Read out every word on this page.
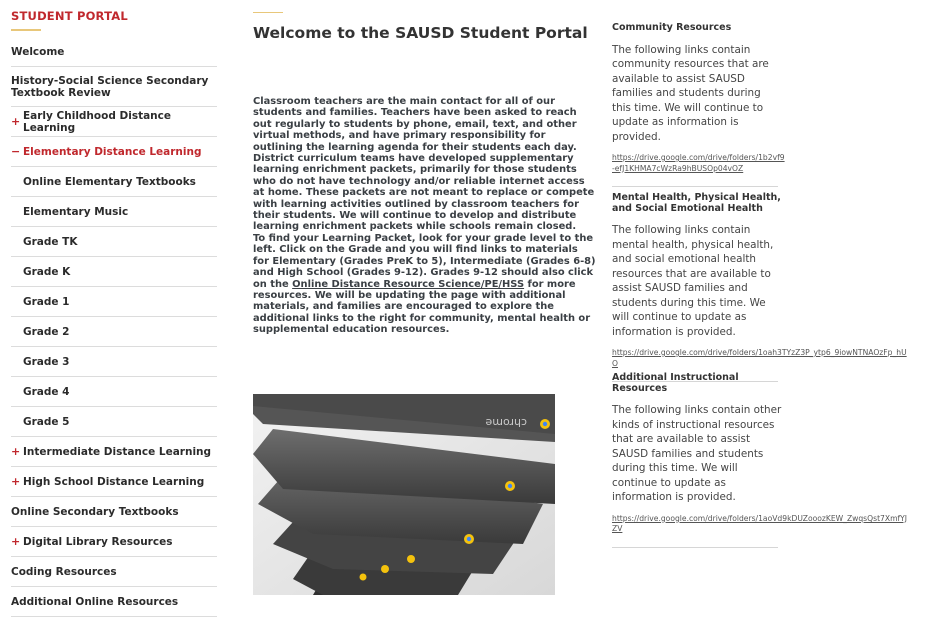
STUDENT PORTAL
Welcome
History-Social Science Secondary Textbook Review
+ Early Childhood Distance Learning
− Elementary Distance Learning
Online Elementary Textbooks
Elementary Music
Grade TK
Grade K
Grade 1
Grade 2
Grade 3
Grade 4
Grade 5
+ Intermediate Distance Learning
+ High School Distance Learning
Online Secondary Textbooks
+ Digital Library Resources
Coding Resources
Additional Online Resources
Welcome to the SAUSD Student Portal

Classroom teachers are the main contact for all of our students and families. Teachers have been asked to reach out regularly to students by phone, email, text, and other virtual methods, and have primary responsibility for outlining the learning agenda for their students each day. District curriculum teams have developed supplementary learning enrichment packets, primarily for those students who do not have technology and/or reliable internet access at home. These packets are not meant to replace or compete with learning activities outlined by classroom teachers for their students. We will continue to develop and distribute learning enrichment packets while schools remain closed.

To find your Learning Packet, look for your grade level to the left. Click on the Grade and you will find links to materials for Elementary (Grades PreK to 5), Intermediate (Grades 6-8) and High School (Grades 9-12). Grades 9-12 should also click on the Online Distance Resource Science/PE/HSS for more resources. We will be updating the page with additional materials, and families are encouraged to explore the additional links to the right for community, mental health or supplemental education resources.

chrome
Community Resources
The following links contain community resources that are available to assist SAUSD families and students during this time. We will continue to update as information is provided.
https://drive.google.com/drive/folders/1b2vf9-efJ1KHMA7cWzRa9hBUSOp04vOZ
Mental Health, Physical Health, and Social Emotional Health
The following links contain mental health, physical health, and social emotional health resources that are available to assist SAUSD families and students during this time. We will continue to update as information is provided.
https://drive.google.com/drive/folders/1oah3TYzZ3P_ytp6_9iowNTNAOzFp_hUO
Additional Instructional Resources
The following links contain other kinds of instructional resources that are available to assist SAUSD families and students during this time. We will continue to update as information is provided.
https://drive.google.com/drive/folders/1aoVd9kDUZooozKEW_ZwqsQst7XmfYJZV
